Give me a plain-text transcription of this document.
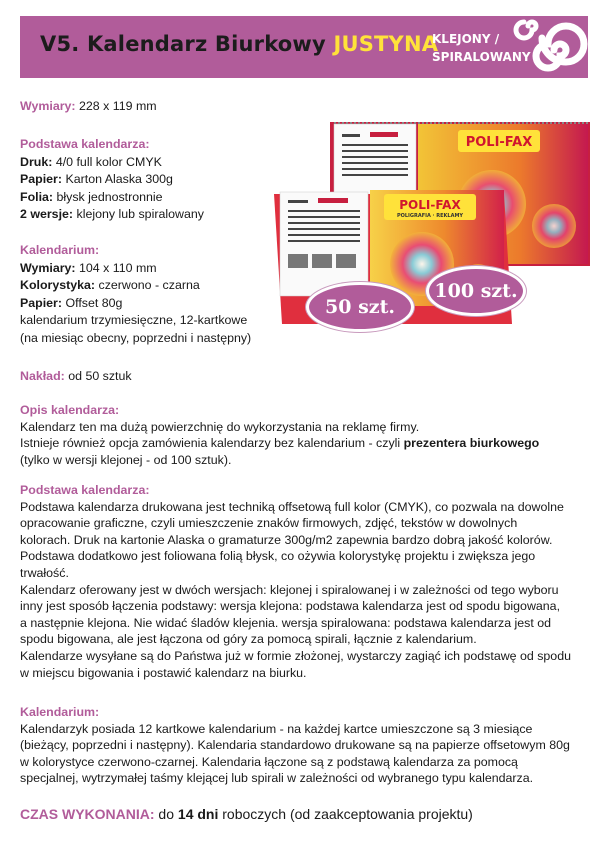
V5. Kalendarz Biurkowy JUSTYNA
KLEJONY /
SPIRALOWANY
Wymiary: 228 x 119 mm
Podstawa kalendarza:
Druk: 4/0 full kolor CMYK
Papier: Karton Alaska 300g
Folia: błysk jednostronnie
2 wersje: klejony lub spiralowany
Kalendarium:
Wymiary: 104 x 110 mm
Kolorystyka: czerwono - czarna
Papier: Offset 80g
kalendarium trzymiesięczne, 12-kartkowe
(na miesiąc obecny, poprzedni i następny)
Nakład: od 50 sztuk
POLI-FAX
POLI-FAX
POLIGRAFIA · REKLAMY
50 szt.
100 szt.
Opis kalendarza:
Kalendarz ten ma dużą powierzchnię do wykorzystania na reklamę firmy.
Istnieje również opcja zamówienia kalendarzy bez kalendarium - czyli prezentera biurkowego
(tylko w wersji klejonej - od 100 sztuk).
Podstawa kalendarza:
Podstawa kalendarza drukowana jest techniką offsetową full kolor (CMYK), co pozwala na dowolne
opracowanie graficzne, czyli umieszczenie znaków firmowych, zdjęć, tekstów w dowolnych
kolorach. Druk na kartonie Alaska o gramaturze 300g/m2 zapewnia bardzo dobrą jakość kolorów.
Podstawa dodatkowo jest foliowana folią błysk, co ożywia kolorystykę projektu i zwiększa jego
trwałość.
Kalendarz oferowany jest w dwóch wersjach: klejonej i spiralowanej i w zależności od tego wyboru
inny jest sposób łączenia podstawy: wersja klejona: podstawa kalendarza jest od spodu bigowana,
a następnie klejona. Nie widać śladów klejenia. wersja spiralowana: podstawa kalendarza jest od
spodu bigowana, ale jest łączona od góry za pomocą spirali, łącznie z kalendarium.
Kalendarze wysyłane są do Państwa już w formie złożonej, wystarczy zagiąć ich podstawę od spodu
w miejscu bigowania i postawić kalendarz na biurku.
Kalendarium:
Kalendarzyk posiada 12 kartkowe kalendarium - na każdej kartce umieszczone są 3 miesiące
(bieżący, poprzedni i następny). Kalendaria standardowo drukowane są na papierze offsetowym 80g
w kolorystyce czerwono-czarnej. Kalendaria łączone są z podstawą kalendarza za pomocą
specjalnej, wytrzymałej taśmy klejącej lub spirali w zależności od wybranego typu kalendarza.
CZAS WYKONANIA: do 14 dni roboczych (od zaakceptowania projektu)
